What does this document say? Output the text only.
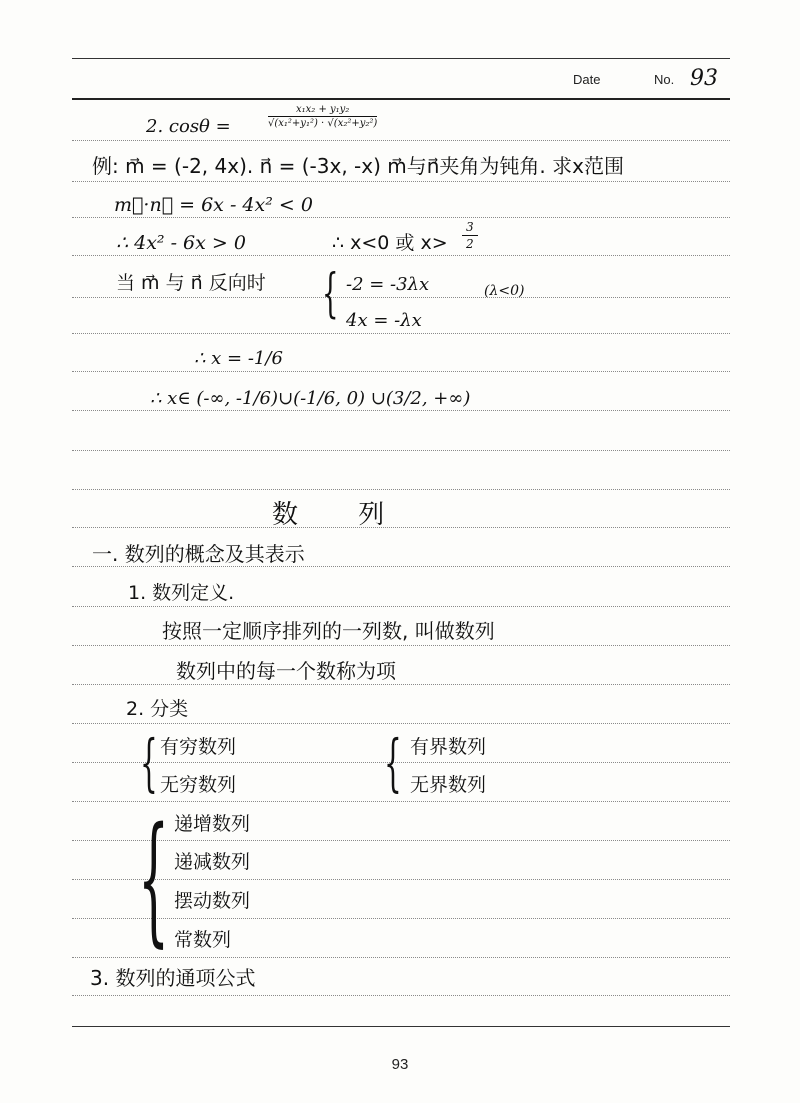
Date	No. 93
2. cosθ =	$\frac{\text{x₁x₂ + y₁y₂}}{\text{√(x₁²+y₁²) · √(x₂²+y₂²)}}$
例: m⃗ = (-2, 4x). n⃗ = (-3x, -x) m⃗与n⃗夹角为钝角. 求x范围
m⃗·n⃗ = 6x - 4x² < 0
∴ 4x² - 6x > 0	∴ x<0 或 $x> \frac{3}{2}$
当 m⃗ 与 n⃗ 反向时 { -2 = -3λx	(λ<0)
4x = -λx
∴ x = -1/6
∴ x∈ (-∞, -1/6)∪(-1/6, 0) ∪(3/2, +∞)
数 列
一. 数列的概念及其表示
1. 数列定义.
按照一定顺序排列的一列数, 叫做数列
数列中的每一个数称为项
2. 分类
{ 有穷数列
无穷数列 { 有界数列
无界数列
{ 递增数列
递减数列
摆动数列
常数列
3. 数列的通项公式
93
